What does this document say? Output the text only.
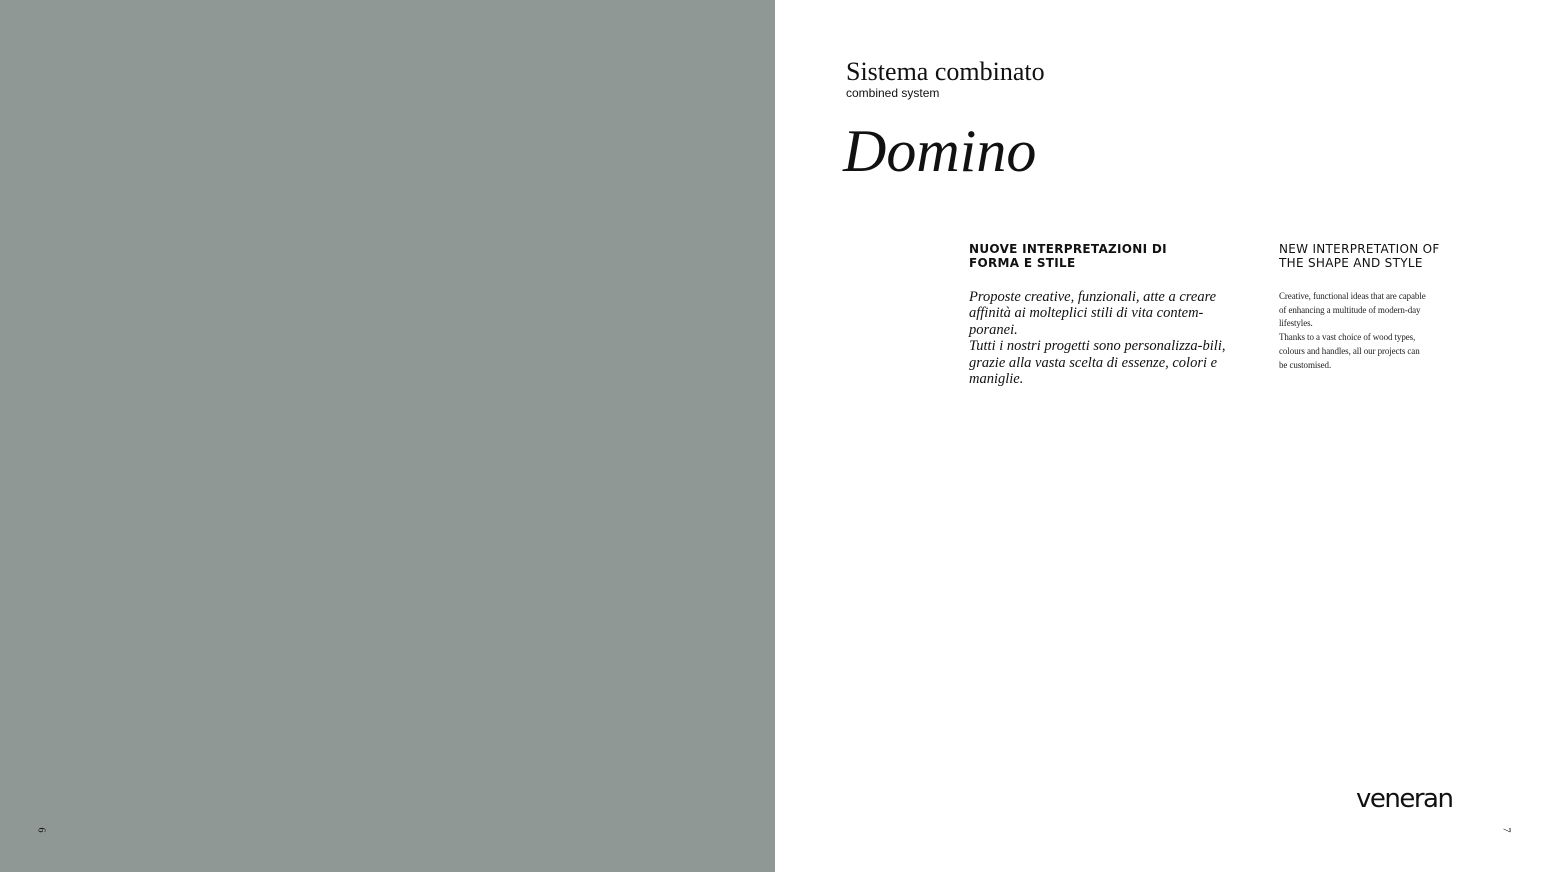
6
Sistema combinato
combined system
Domino
NUOVE INTERPRETAZIONI DI
FORMA E STILE
NEW INTERPRETATION OF
THE SHAPE AND STYLE

Proposte creative, funzionali, atte a creare affinità ai molteplici stili di vita contem-poranei.

Tutti i nostri progetti sono personalizza-bili, grazie alla vasta scelta di essenze, colori e maniglie.

Creative, functional ideas that are capable of enhancing a multitude of modern-day lifestyles.

Thanks to a vast choice of wood types, colours and handles, all our projects can be customised.

veneran
7
